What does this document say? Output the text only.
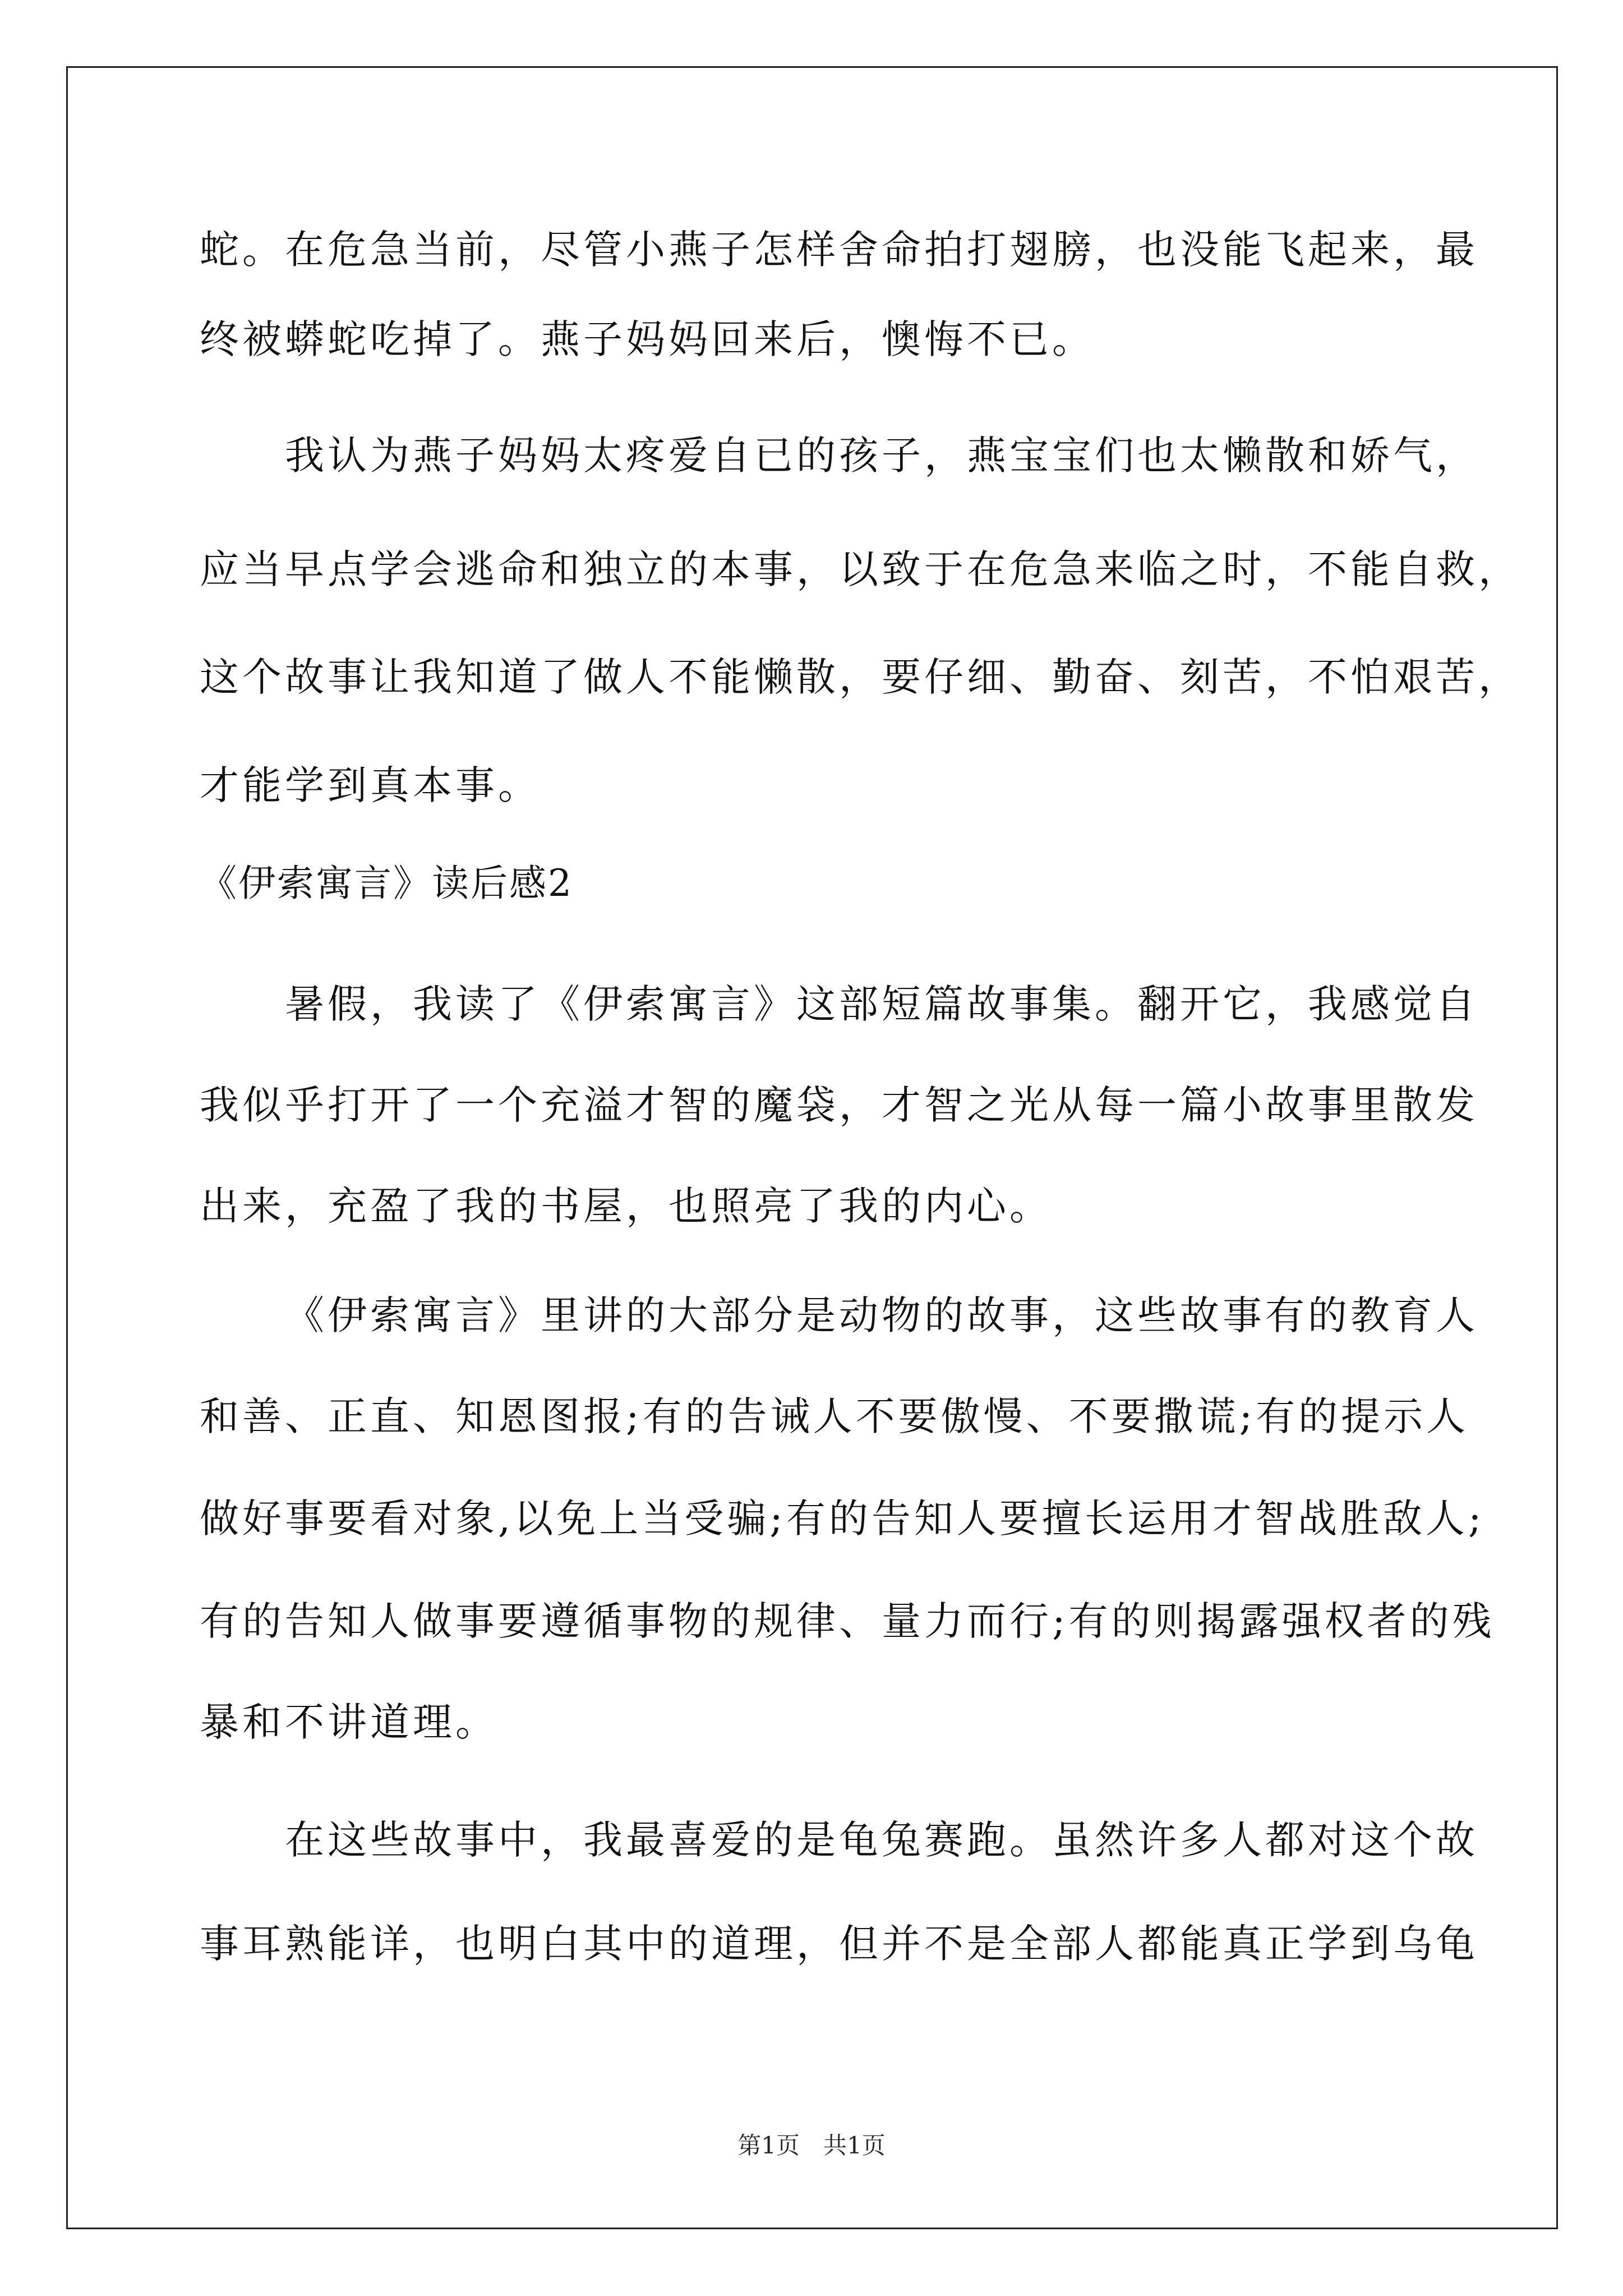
蛇。在危急当前，尽管小燕子怎样舍命拍打翅膀，也没能飞起来，最
终被蟒蛇吃掉了。燕子妈妈回来后，懊悔不已。
我认为燕子妈妈太疼爱自已的孩子，燕宝宝们也太懒散和娇气，
应当早点学会逃命和独立的本事，以致于在危急来临之时，不能自救，
这个故事让我知道了做人不能懒散，要仔细、勤奋、刻苦，不怕艰苦，
才能学到真本事。
《伊索寓言》读后感2
暑假，我读了《伊索寓言》这部短篇故事集。翻开它，我感觉自
我似乎打开了一个充溢才智的魔袋，才智之光从每一篇小故事里散发
出来，充盈了我的书屋，也照亮了我的内心。
《伊索寓言》里讲的大部分是动物的故事，这些故事有的教育人
和善、正直、知恩图报;有的告诫人不要傲慢、不要撒谎;有的提示人
做好事要看对象,以免上当受骗;有的告知人要擅长运用才智战胜敌人;
有的告知人做事要遵循事物的规律、量力而行;有的则揭露强权者的残
暴和不讲道理。
在这些故事中，我最喜爱的是龟兔赛跑。虽然许多人都对这个故
事耳熟能详，也明白其中的道理，但并不是全部人都能真正学到乌龟
第1页　共1页
